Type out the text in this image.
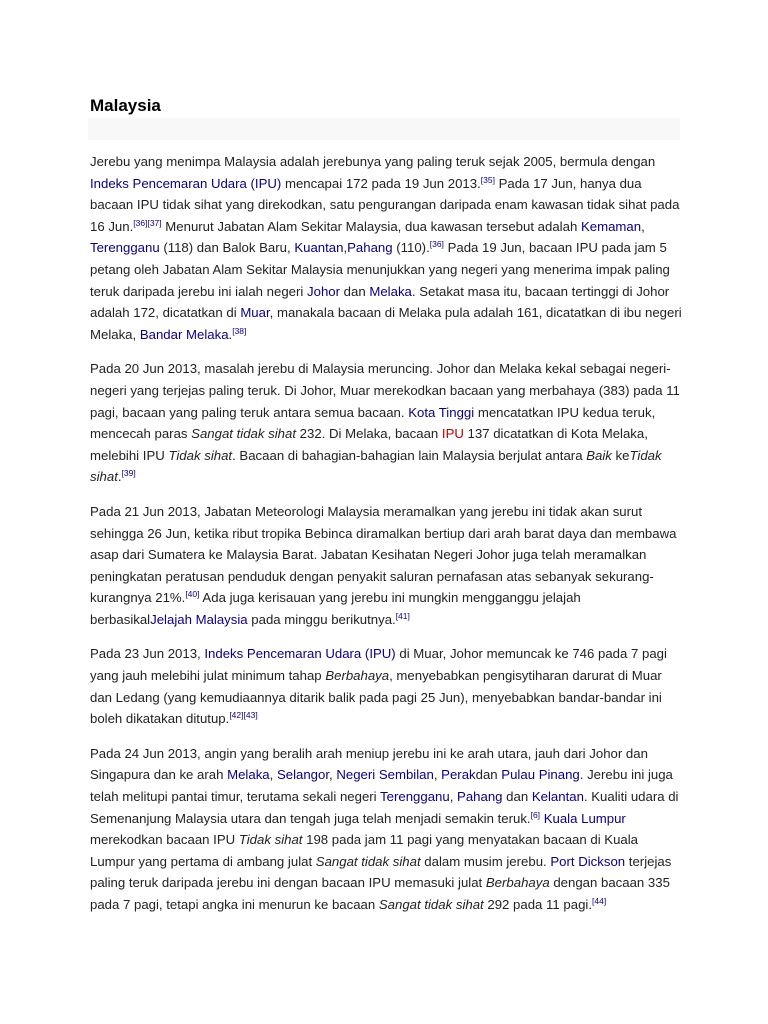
Malaysia

Jerebu yang menimpa Malaysia adalah jerebunya yang paling teruk sejak 2005, bermula dengan Indeks Pencemaran Udara (IPU) mencapai 172 pada 19 Jun 2013.[35] Pada 17 Jun, hanya dua bacaan IPU tidak sihat yang direkodkan, satu pengurangan daripada enam kawasan tidak sihat pada 16 Jun.[36][37] Menurut Jabatan Alam Sekitar Malaysia, dua kawasan tersebut adalah Kemaman, Terengganu (118) dan Balok Baru, Kuantan,Pahang (110).[36] Pada 19 Jun, bacaan IPU pada jam 5 petang oleh Jabatan Alam Sekitar Malaysia menunjukkan yang negeri yang menerima impak paling teruk daripada jerebu ini ialah negeri Johor dan Melaka. Setakat masa itu, bacaan tertinggi di Johor adalah 172, dicatatkan di Muar, manakala bacaan di Melaka pula adalah 161, dicatatkan di ibu negeri Melaka, Bandar Melaka.[38]

Pada 20 Jun 2013, masalah jerebu di Malaysia meruncing. Johor dan Melaka kekal sebagai negeri-negeri yang terjejas paling teruk. Di Johor, Muar merekodkan bacaan yang merbahaya (383) pada 11 pagi, bacaan yang paling teruk antara semua bacaan. Kota Tinggi mencatatkan IPU kedua teruk, mencecah paras Sangat tidak sihat 232. Di Melaka, bacaan IPU 137 dicatatkan di Kota Melaka, melebihi IPU Tidak sihat. Bacaan di bahagian-bahagian lain Malaysia berjulat antara Baik keTidak sihat.[39]

Pada 21 Jun 2013, Jabatan Meteorologi Malaysia meramalkan yang jerebu ini tidak akan surut sehingga 26 Jun, ketika ribut tropika Bebinca diramalkan bertiup dari arah barat daya dan membawa asap dari Sumatera ke Malaysia Barat. Jabatan Kesihatan Negeri Johor juga telah meramalkan peningkatan peratusan penduduk dengan penyakit saluran pernafasan atas sebanyak sekurang-kurangnya 21%.[40] Ada juga kerisauan yang jerebu ini mungkin mengganggu jelajah berbasikalJelajah Malaysia pada minggu berikutnya.[41]

Pada 23 Jun 2013, Indeks Pencemaran Udara (IPU) di Muar, Johor memuncak ke 746 pada 7 pagi yang jauh melebihi julat minimum tahap Berbahaya, menyebabkan pengisytiharan darurat di Muar dan Ledang (yang kemudiaannya ditarik balik pada pagi 25 Jun), menyebabkan bandar-bandar ini boleh dikatakan ditutup.[42][43]

Pada 24 Jun 2013, angin yang beralih arah meniup jerebu ini ke arah utara, jauh dari Johor dan Singapura dan ke arah Melaka, Selangor, Negeri Sembilan, Perakdan Pulau Pinang. Jerebu ini juga telah melitupi pantai timur, terutama sekali negeri Terengganu, Pahang dan Kelantan. Kualiti udara di Semenanjung Malaysia utara dan tengah juga telah menjadi semakin teruk.[6] Kuala Lumpur merekodkan bacaan IPU Tidak sihat 198 pada jam 11 pagi yang menyatakan bacaan di Kuala Lumpur yang pertama di ambang julat Sangat tidak sihat dalam musim jerebu. Port Dickson terjejas paling teruk daripada jerebu ini dengan bacaan IPU memasuki julat Berbahaya dengan bacaan 335 pada 7 pagi, tetapi angka ini menurun ke bacaan Sangat tidak sihat 292 pada 11 pagi.[44]
